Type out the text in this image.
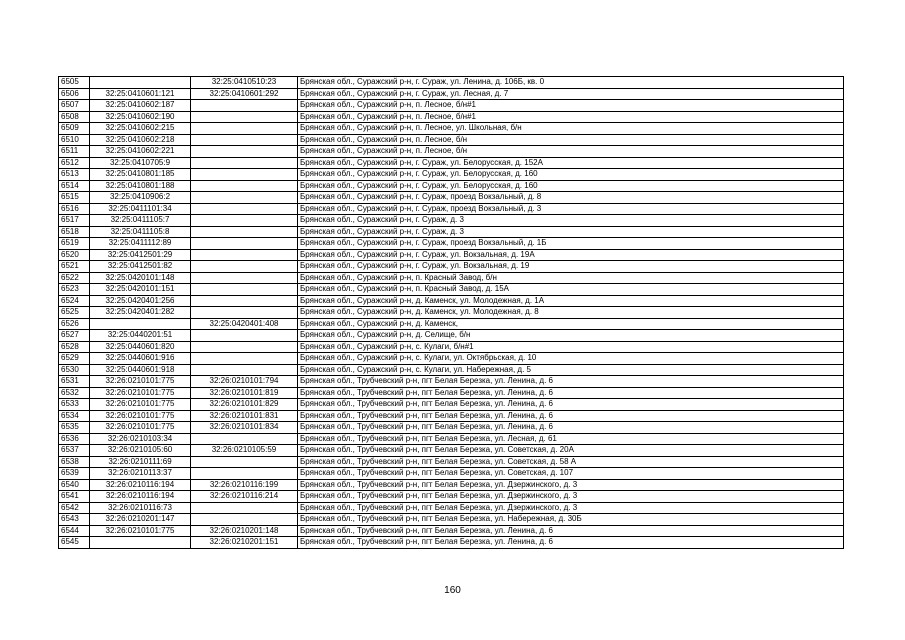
6505		32:25:0410510:23	Брянская обл., Суражский р-н, г. Сураж, ул. Ленина, д. 106Б, кв. 0
6506	32:25:0410601:121	32:25:0410601:292	Брянская обл., Суражский р-н, г. Сураж, ул. Лесная, д. 7
6507	32:25:0410602:187		Брянская обл., Суражский р-н, п. Лесное, б/н#1
6508	32:25:0410602:190		Брянская обл., Суражский р-н, п. Лесное, б/н#1
6509	32:25:0410602:215		Брянская обл., Суражский р-н, п. Лесное, ул. Школьная, б/н
6510	32:25:0410602:218		Брянская обл., Суражский р-н, п. Лесное, б/н
6511	32:25:0410602:221		Брянская обл., Суражский р-н, п. Лесное, б/н
6512	32:25:0410705:9		Брянская обл., Суражский р-н, г. Сураж, ул. Белорусская, д. 152А
6513	32:25:0410801:185		Брянская обл., Суражский р-н, г. Сураж, ул. Белорусская, д. 160
6514	32:25:0410801:188		Брянская обл., Суражский р-н, г. Сураж, ул. Белорусская, д. 160
6515	32:25:0410906:2		Брянская обл., Суражский р-н, г. Сураж, проезд Вокзальный, д. 8
6516	32:25:0411101:34		Брянская обл., Суражский р-н, г. Сураж, проезд Вокзальный, д. 3
6517	32:25:0411105:7		Брянская обл., Суражский р-н, г. Сураж, д. 3
6518	32:25:0411105:8		Брянская обл., Суражский р-н, г. Сураж, д. 3
6519	32:25:0411112:89		Брянская обл., Суражский р-н, г. Сураж, проезд Вокзальный, д. 1Б
6520	32:25:0412501:29		Брянская обл., Суражский р-н, г. Сураж, ул. Вокзальная, д. 19А
6521	32:25:0412501:82		Брянская обл., Суражский р-н, г. Сураж, ул. Вокзальная, д. 19
6522	32:25:0420101:148		Брянская обл., Суражский р-н, п. Красный Завод, б/н
6523	32:25:0420101:151		Брянская обл., Суражский р-н, п. Красный Завод, д. 15А
6524	32:25:0420401:256		Брянская обл., Суражский р-н, д. Каменск, ул. Молодежная, д. 1А
6525	32:25:0420401:282		Брянская обл., Суражский р-н, д. Каменск, ул. Молодежная, д. 8
6526		32:25:0420401:408	Брянская обл., Суражский р-н, д. Каменск,
6527	32:25:0440201:51		Брянская обл., Суражский р-н, д. Селище, б/н
6528	32:25:0440601:820		Брянская обл., Суражский р-н, с. Кулаги, б/н#1
6529	32:25:0440601:916		Брянская обл., Суражский р-н, с. Кулаги, ул. Октябрьская, д. 10
6530	32:25:0440601:918		Брянская обл., Суражский р-н, с. Кулаги, ул. Набережная, д. 5
6531	32:26:0210101:775	32:26:0210101:794	Брянская обл., Трубчевский р-н, пгт Белая Березка, ул. Ленина, д. 6
6532	32:26:0210101:775	32:26:0210101:819	Брянская обл., Трубчевский р-н, пгт Белая Березка, ул. Ленина, д. 6
6533	32:26:0210101:775	32:26:0210101:829	Брянская обл., Трубчевский р-н, пгт Белая Березка, ул. Ленина, д. 6
6534	32:26:0210101:775	32:26:0210101:831	Брянская обл., Трубчевский р-н, пгт Белая Березка, ул. Ленина, д. 6
6535	32:26:0210101:775	32:26:0210101:834	Брянская обл., Трубчевский р-н, пгт Белая Березка, ул. Ленина, д. 6
6536	32:26:0210103:34		Брянская обл., Трубчевский р-н, пгт Белая Березка, ул. Лесная, д. 61
6537	32:26:0210105:60	32:26:0210105:59	Брянская обл., Трубчевский р-н, пгт Белая Березка, ул. Советская, д. 20А
6538	32:26:0210111:69		Брянская обл., Трубчевский р-н, пгт Белая Березка, ул. Советская, д. 58 А
6539	32:26:0210113:37		Брянская обл., Трубчевский р-н, пгт Белая Березка, ул. Советская, д. 107
6540	32:26:0210116:194	32:26:0210116:199	Брянская обл., Трубчевский р-н, пгт Белая Березка, ул. Дзержинского, д. 3
6541	32:26:0210116:194	32:26:0210116:214	Брянская обл., Трубчевский р-н, пгт Белая Березка, ул. Дзержинского, д. 3
6542	32:26:0210116:73		Брянская обл., Трубчевский р-н, пгт Белая Березка, ул. Дзержинского, д. 3
6543	32:26:0210201:147		Брянская обл., Трубчевский р-н, пгт Белая Березка, ул. Набережная, д. 30Б
6544	32:26:0210101:775	32:26:0210201:148	Брянская обл., Трубчевский р-н, пгт Белая Березка, ул. Ленина, д. 6
6545		32:26:0210201:151	Брянская обл., Трубчевский р-н, пгт Белая Березка, ул. Ленина, д. 6
160
